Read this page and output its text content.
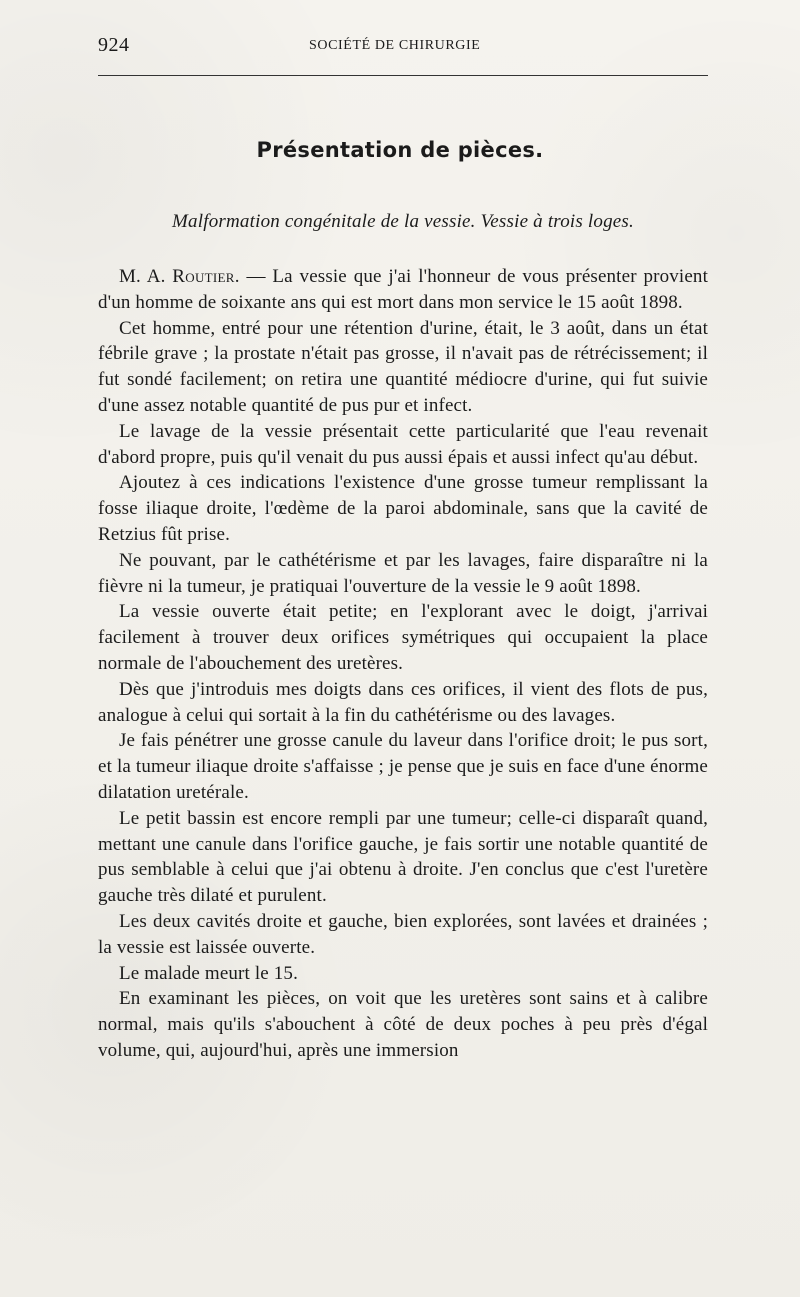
924	SOCIÉTÉ DE CHIRURGIE
Présentation de pièces.
Malformation congénitale de la vessie. Vessie à trois loges.

M. A. Routier. — La vessie que j'ai l'honneur de vous présenter provient d'un homme de soixante ans qui est mort dans mon service le 15 août 1898.

Cet homme, entré pour une rétention d'urine, était, le 3 août, dans un état fébrile grave ; la prostate n'était pas grosse, il n'avait pas de rétrécissement; il fut sondé facilement; on retira une quantité médiocre d'urine, qui fut suivie d'une assez notable quantité de pus pur et infect.

Le lavage de la vessie présentait cette particularité que l'eau revenait d'abord propre, puis qu'il venait du pus aussi épais et aussi infect qu'au début.

Ajoutez à ces indications l'existence d'une grosse tumeur remplissant la fosse iliaque droite, l'œdème de la paroi abdominale, sans que la cavité de Retzius fût prise.

Ne pouvant, par le cathétérisme et par les lavages, faire disparaître ni la fièvre ni la tumeur, je pratiquai l'ouverture de la vessie le 9 août 1898.

La vessie ouverte était petite; en l'explorant avec le doigt, j'arrivai facilement à trouver deux orifices symétriques qui occupaient la place normale de l'abouchement des uretères.

Dès que j'introduis mes doigts dans ces orifices, il vient des flots de pus, analogue à celui qui sortait à la fin du cathétérisme ou des lavages.

Je fais pénétrer une grosse canule du laveur dans l'orifice droit; le pus sort, et la tumeur iliaque droite s'affaisse ; je pense que je suis en face d'une énorme dilatation uretérale.

Le petit bassin est encore rempli par une tumeur; celle-ci disparaît quand, mettant une canule dans l'orifice gauche, je fais sortir une notable quantité de pus semblable à celui que j'ai obtenu à droite. J'en conclus que c'est l'uretère gauche très dilaté et purulent.

Les deux cavités droite et gauche, bien explorées, sont lavées et drainées ; la vessie est laissée ouverte.

Le malade meurt le 15.

En examinant les pièces, on voit que les uretères sont sains et à calibre normal, mais qu'ils s'abouchent à côté de deux poches à peu près d'égal volume, qui, aujourd'hui, après une immersion
